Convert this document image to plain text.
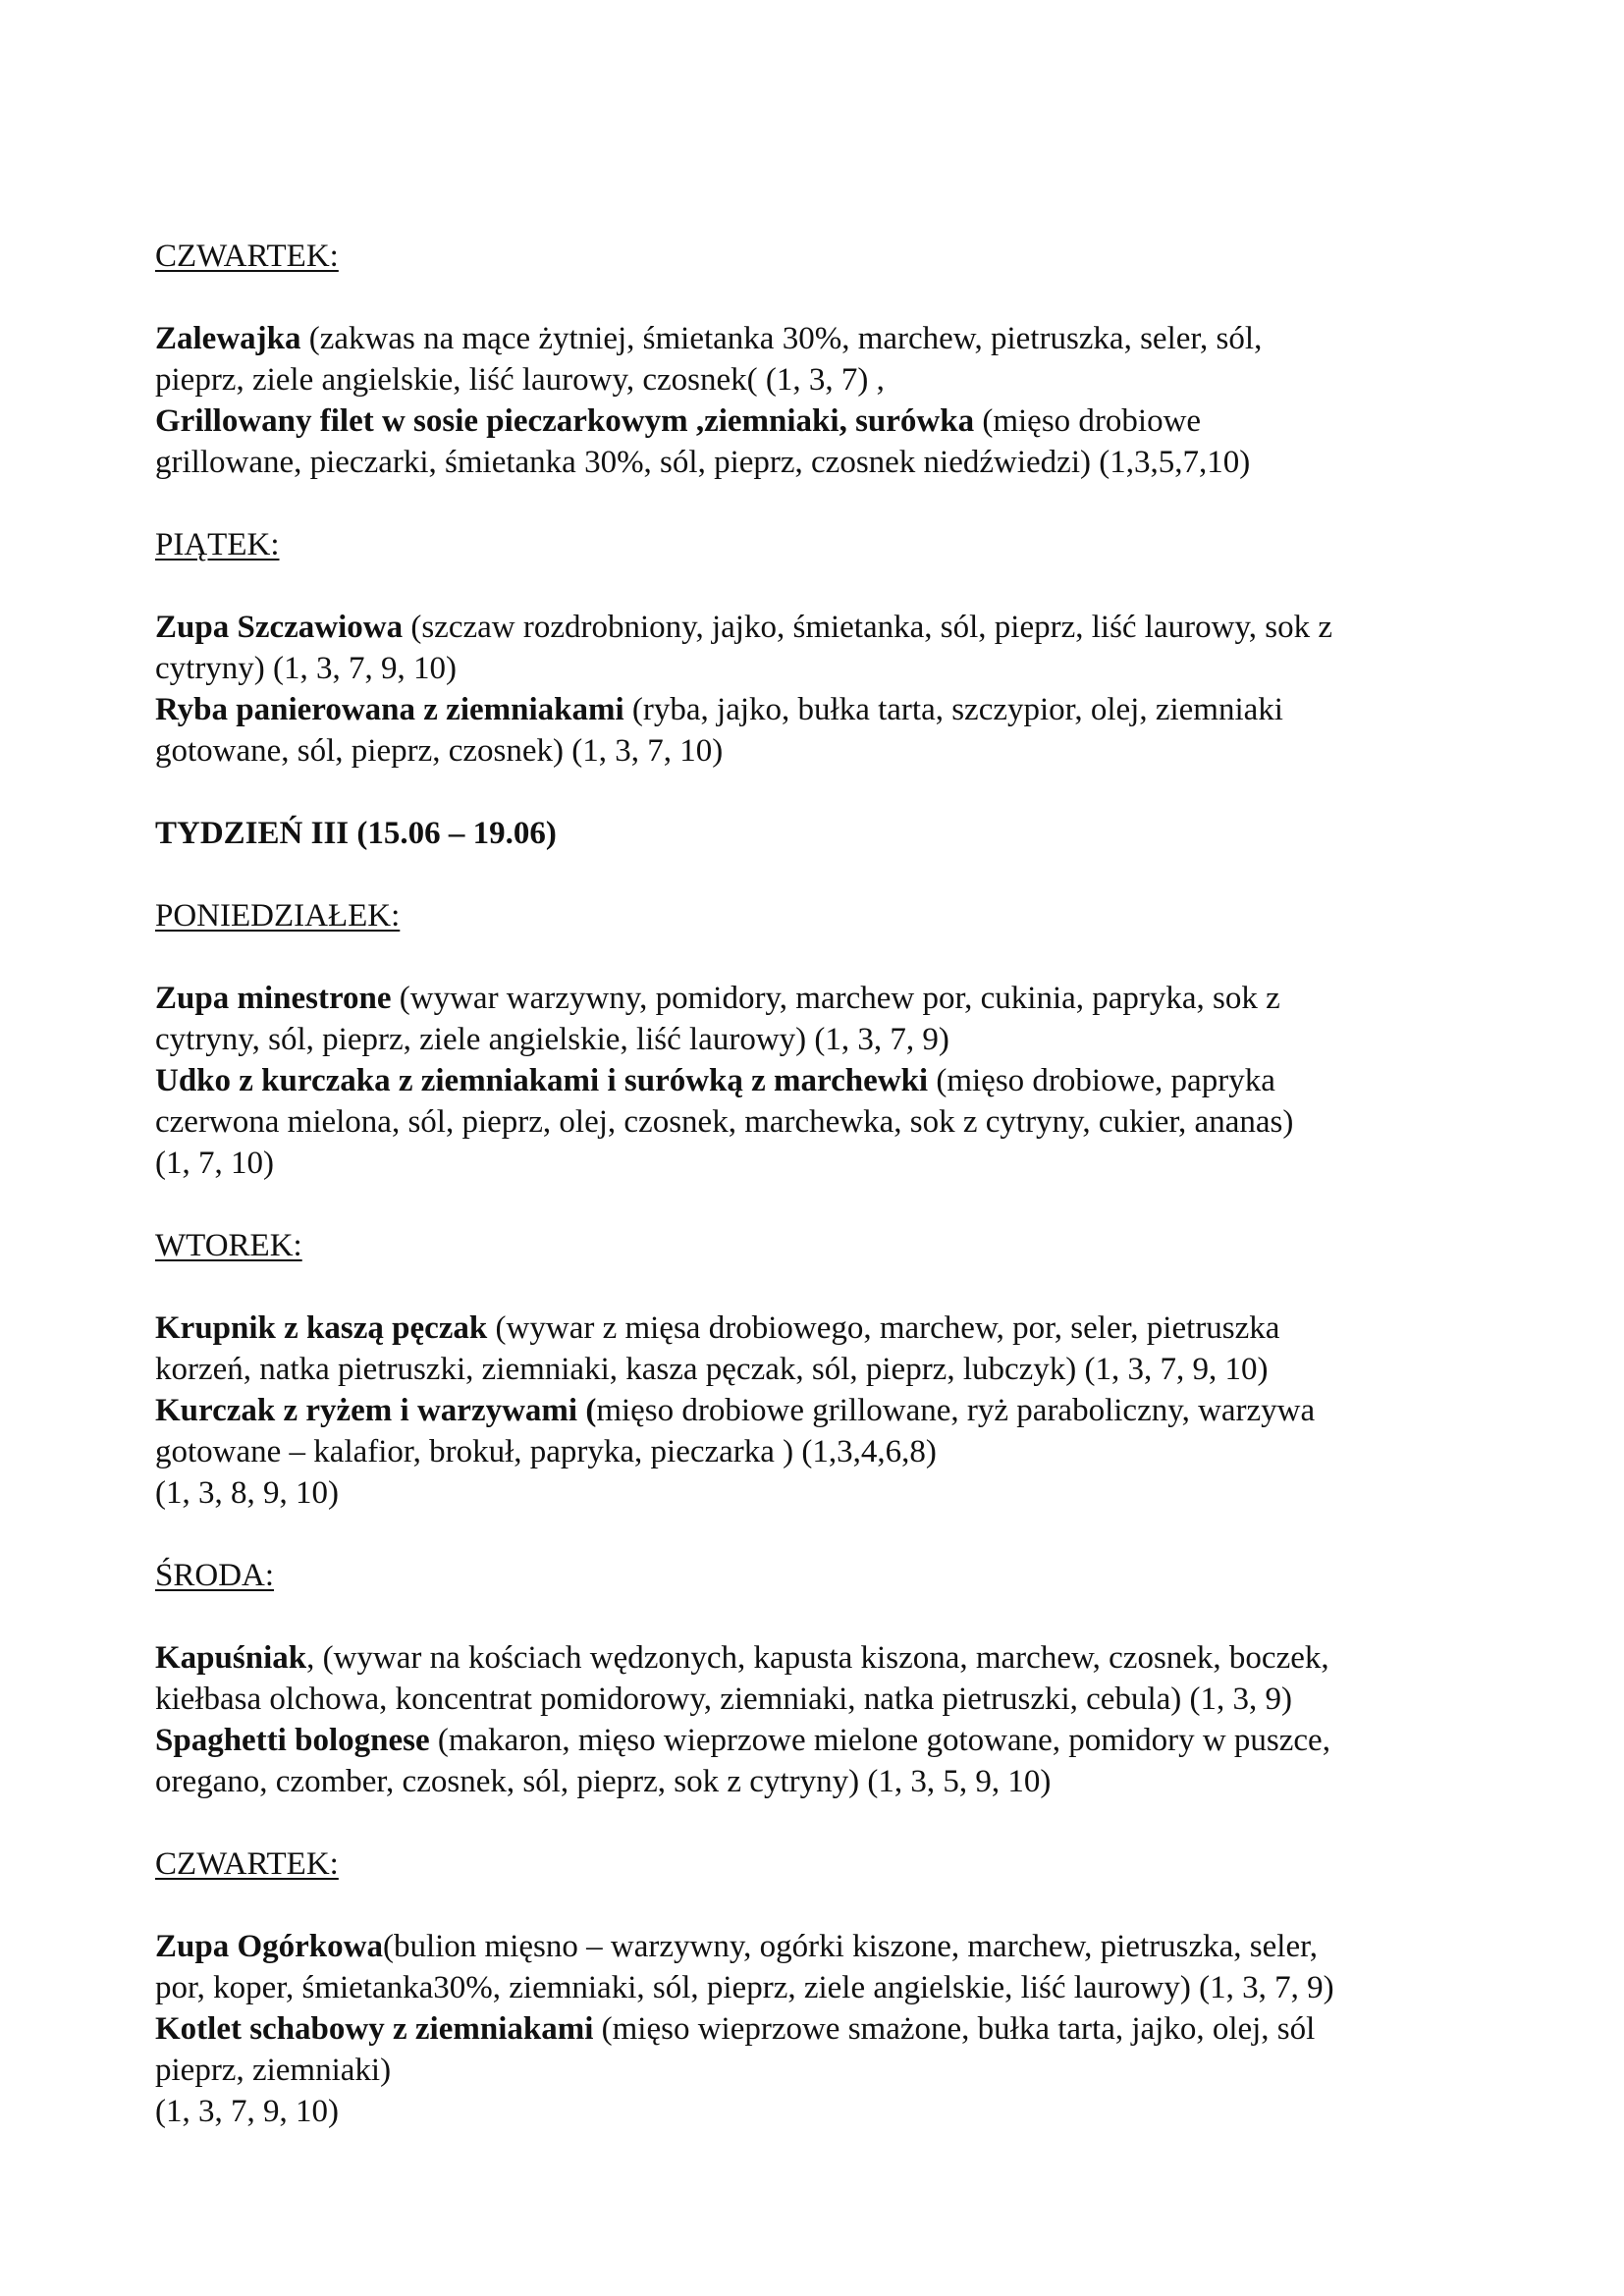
CZWARTEK:

Zalewajka (zakwas na mące żytniej, śmietanka 30%, marchew, pietruszka, seler, sól,

pieprz, ziele angielskie, liść laurowy, czosnek( (1, 3, 7) ,

Grillowany filet w sosie pieczarkowym ,ziemniaki, surówka (mięso drobiowe

grillowane, pieczarki, śmietanka 30%, sól, pieprz, czosnek niedźwiedzi) (1,3,5,7,10)

PIĄTEK:

Zupa Szczawiowa (szczaw rozdrobniony, jajko, śmietanka, sól, pieprz, liść laurowy, sok z

cytryny) (1, 3, 7, 9, 10)

Ryba panierowana z ziemniakami (ryba, jajko, bułka tarta, szczypior, olej, ziemniaki

gotowane, sól, pieprz, czosnek) (1, 3, 7, 10)

TYDZIEŃ III (15.06 – 19.06)

PONIEDZIAŁEK:

Zupa minestrone (wywar warzywny, pomidory, marchew por, cukinia, papryka, sok z

cytryny, sól, pieprz, ziele angielskie, liść laurowy) (1, 3, 7, 9)

Udko z kurczaka z ziemniakami i surówką z marchewki (mięso drobiowe, papryka

czerwona mielona, sól, pieprz, olej, czosnek, marchewka, sok z cytryny, cukier, ananas)

(1, 7, 10)

WTOREK:

Krupnik z kaszą pęczak (wywar z mięsa drobiowego, marchew, por, seler, pietruszka

korzeń, natka pietruszki, ziemniaki, kasza pęczak, sól, pieprz, lubczyk) (1, 3, 7, 9, 10)

Kurczak z ryżem i warzywami (mięso drobiowe grillowane, ryż paraboliczny, warzywa

gotowane – kalafior, brokuł, papryka, pieczarka ) (1,3,4,6,8)

(1, 3, 8, 9, 10)

ŚRODA:

Kapuśniak, (wywar na kościach wędzonych, kapusta kiszona, marchew, czosnek, boczek,

kiełbasa olchowa, koncentrat pomidorowy, ziemniaki, natka pietruszki, cebula) (1, 3, 9)

Spaghetti bolognese (makaron, mięso wieprzowe mielone gotowane, pomidory w puszce,

oregano, czomber, czosnek, sól, pieprz, sok z cytryny) (1, 3, 5, 9, 10)

CZWARTEK:

Zupa Ogórkowa(bulion mięsno – warzywny, ogórki kiszone, marchew, pietruszka, seler,

por, koper, śmietanka30%, ziemniaki, sól, pieprz, ziele angielskie, liść laurowy) (1, 3, 7, 9)

Kotlet schabowy z ziemniakami (mięso wieprzowe smażone, bułka tarta, jajko, olej, sól

pieprz, ziemniaki)

(1, 3, 7, 9, 10)
